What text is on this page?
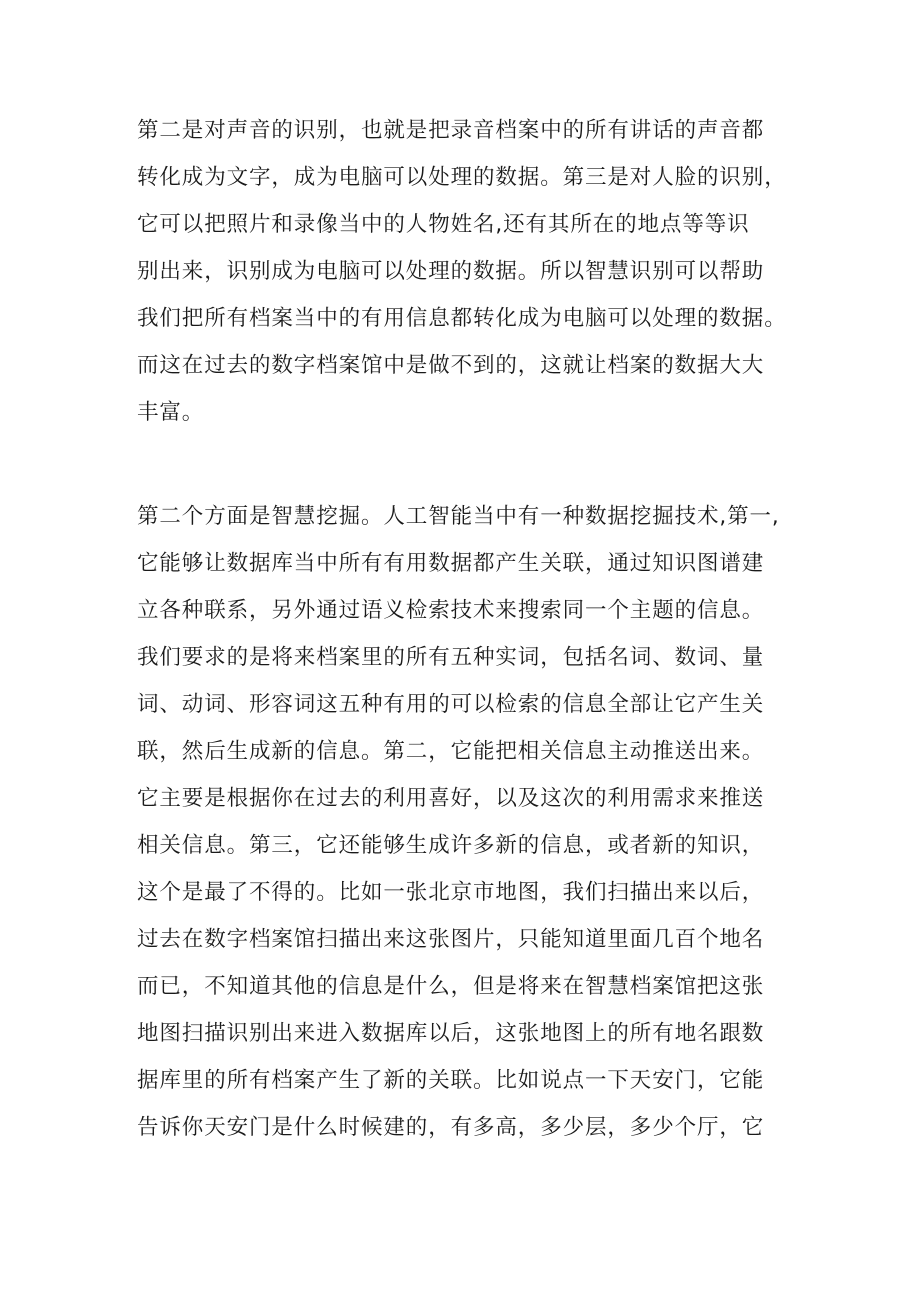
第二是对声音的识别，也就是把录音档案中的所有讲话的声音都
转化成为文字，成为电脑可以处理的数据。第三是对人脸的识别，
它可以把照片和录像当中的人物姓名,还有其所在的地点等等识
别出来，识别成为电脑可以处理的数据。所以智慧识别可以帮助
我们把所有档案当中的有用信息都转化成为电脑可以处理的数据。
而这在过去的数字档案馆中是做不到的，这就让档案的数据大大
丰富。
第二个方面是智慧挖掘。人工智能当中有一种数据挖掘技术,第一,
它能够让数据库当中所有有用数据都产生关联，通过知识图谱建
立各种联系，另外通过语义检索技术来搜索同一个主题的信息。
我们要求的是将来档案里的所有五种实词，包括名词、数词、量
词、动词、形容词这五种有用的可以检索的信息全部让它产生关
联，然后生成新的信息。第二，它能把相关信息主动推送出来。
它主要是根据你在过去的利用喜好，以及这次的利用需求来推送
相关信息。第三，它还能够生成许多新的信息，或者新的知识，
这个是最了不得的。比如一张北京市地图，我们扫描出来以后，
过去在数字档案馆扫描出来这张图片，只能知道里面几百个地名
而已，不知道其他的信息是什么，但是将来在智慧档案馆把这张
地图扫描识别出来进入数据库以后，这张地图上的所有地名跟数
据库里的所有档案产生了新的关联。比如说点一下天安门，它能
告诉你天安门是什么时候建的，有多高，多少层，多少个厅，它
